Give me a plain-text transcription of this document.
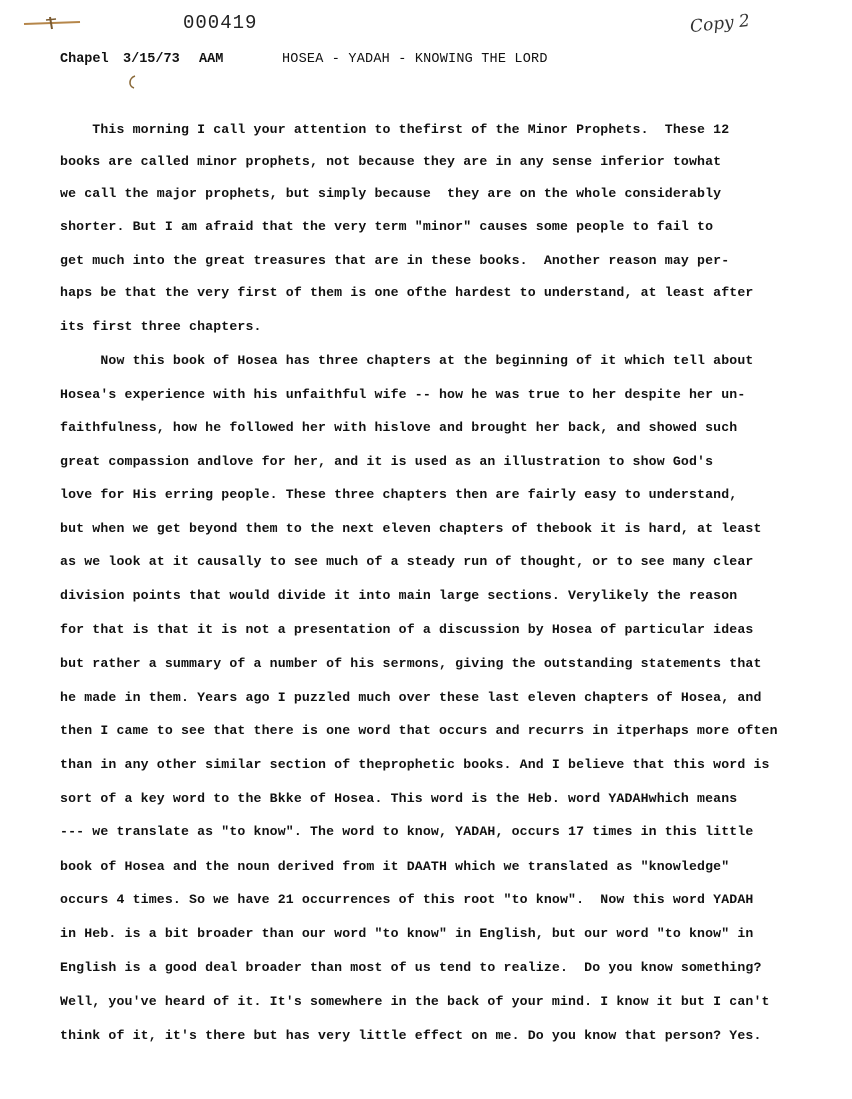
000419	Copy 2
Chapel 3/15/73 AAM	HOSEA - YADAH - KNOWING THE LORD
This morning I call your attention to thefirst of the Minor Prophets.  These 12
books are called minor prophets, not because they are in any sense inferior towhat
we call the major prophets, but simply because  they are on the whole considerably
shorter. But I am afraid that the very term "minor" causes some people to fail to
get much into the great treasures that are in these books.  Another reason may per-
haps be that the very first of them is one ofthe hardest to understand, at least after
its first three chapters.
Now this book of Hosea has three chapters at the beginning of it which tell about
Hosea's experience with his unfaithful wife -- how he was true to her despite her un-
faithfulness, how he followed her with hislove and brought her back, and showed such
great compassion andlove for her, and it is used as an illustration to show God's
love for His erring people. These three chapters then are fairly easy to understand,
but when we get beyond them to the next eleven chapters of thebook it is hard, at least
as we look at it causally to see much of a steady run of thought, or to see many clear
division points that would divide it into main large sections. Verylikely the reason
for that is that it is not a presentation of a discussion by Hosea of particular ideas
but rather a summary of a number of his sermons, giving the outstanding statements that
he made in them. Years ago I puzzled much over these last eleven chapters of Hosea, and
then I came to see that there is one word that occurs and recurrs in itperhaps more often
than in any other similar section of theprophetic books. And I believe that this word is
sort of a key word to the Bkke of Hosea. This word is the Heb. word YADAHwhich means
--- we translate as "to know". The word to know, YADAH, occurs 17 times in this little
book of Hosea and the noun derived from it DAATH which we translated as "knowledge"
occurs 4 times. So we have 21 occurrences of this root "to know".  Now this word YADAH
in Heb. is a bit broader than our word "to know" in English, but our word "to know" in
English is a good deal broader than most of us tend to realize.  Do you know something?
Well, you've heard of it. It's somewhere in the back of your mind. I know it but I can't
think of it, it's there but has very little effect on me. Do you know that person? Yes.
